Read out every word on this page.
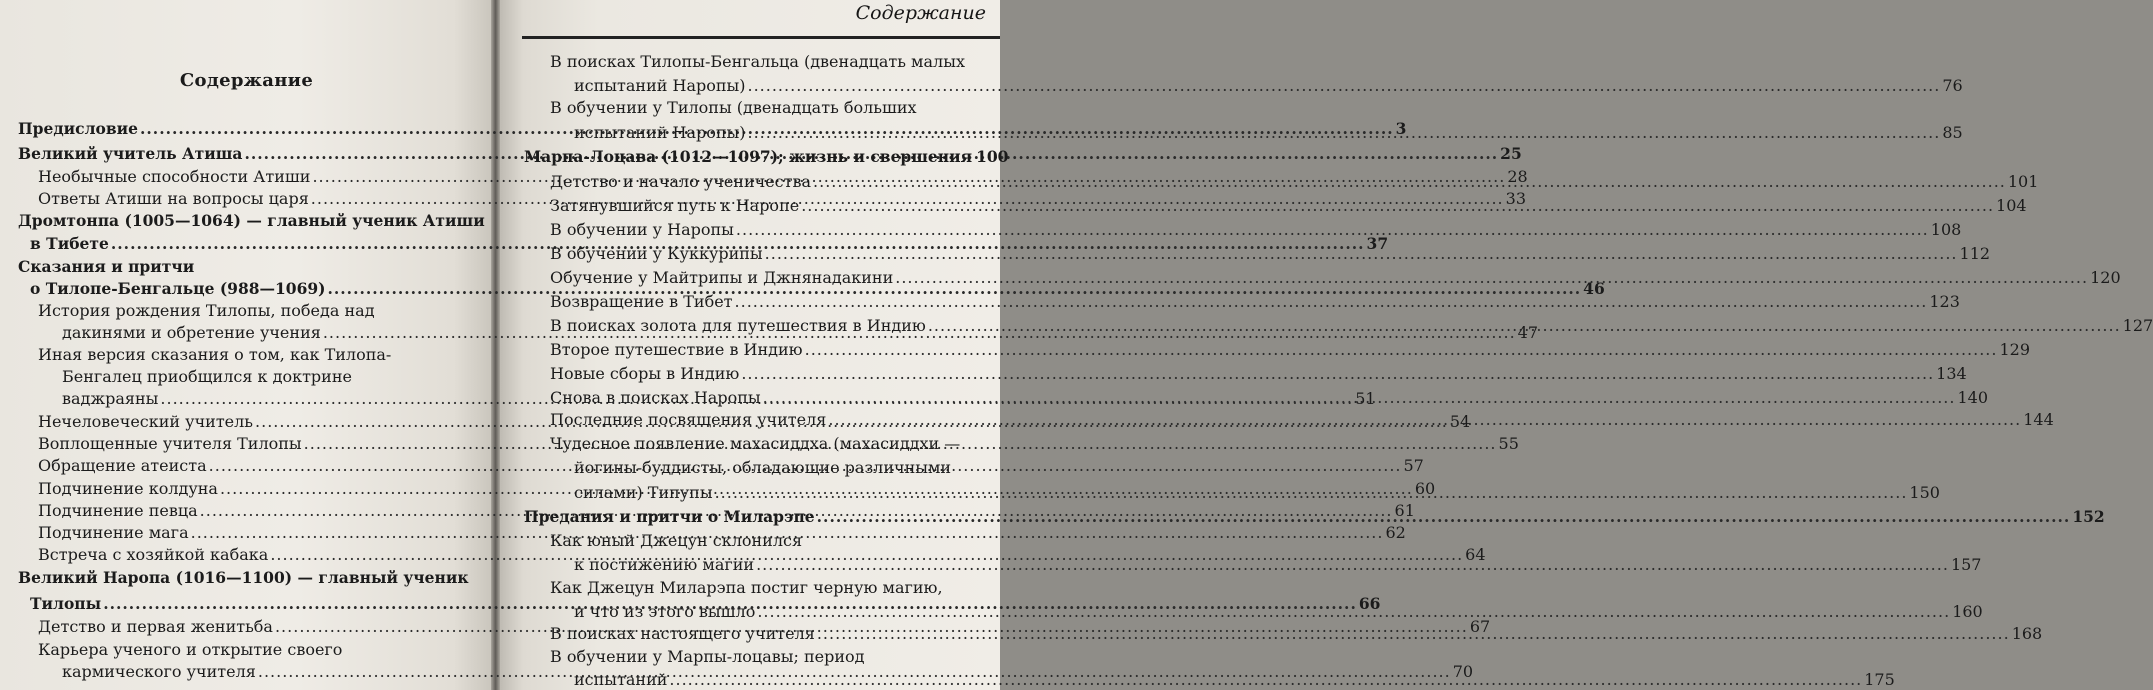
Содержание
Содержание
Предисловие .....	3
Великий учитель Атиша .....	25
Необычные способности Атиши .....	28
Ответы Атиши на вопросы царя .....	33
Дромтонпа (1005—1064) — главный ученик Атиши
в Тибете .....	37
Сказания и притчи
о Тилопе-Бенгальце (988—1069) .....	46
История рождения Тилопы, победа над
дакинями и обретение учения .....	47
Иная версия сказания о том, как Тилопа-
Бенгалец приобщился к доктрине
ваджраяны .....	51
Нечеловеческий учитель .....	54
Воплощенные учителя Тилопы .....	55
Обращение атеиста .....	57
Подчинение колдуна .....	60
Подчинение певца .....	61
Подчинение мага .....	62
Встреча с хозяйкой кабака .....	64
Великий Наропа (1016—1100) — главный ученик
Тилопы .....	66
Детство и первая женитьба .....	67
Карьера ученого и открытие своего
кармического учителя .....	70
В поисках Тилопы-Бенгальца (двенадцать малых
испытаний Наропы) .....	76
В обучении у Тилопы (двенадцать больших
испытаний Наропы) .....	85
Марпа-Лоцава (1012—1097); жизнь и свершения 100
Детство и начало ученичества .....	101
Затянувшийся путь к Наропе .....	104
В обучении у Наропы .....	108
В обучении у Куккурипы .....	112
Обучение у Майтрипы и Джнянадакини .....	120
Возвращение в Тибет .....	123
В поисках золота для путешествия в Индию .....	127
Второе путешествие в Индию .....	129
Новые сборы в Индию .....	134
Снова в поисках Наропы .....	140
Последние посвящения учителя .....	144
Чудесное появление махасиддха (махасиддхи —
йогины-буддисты, обладающие различными
силами) Типупы .....	150
Предания и притчи о Миларэпе .....	152
Как юный Джецун склонился
к постижению магии .....	157
Как Джецун Миларэпа постиг черную магию,
и что из этого вышло .....	160
В поисках настоящего учителя .....	168
В обучении у Марпы-лоцавы; период
испытаний .....	175
